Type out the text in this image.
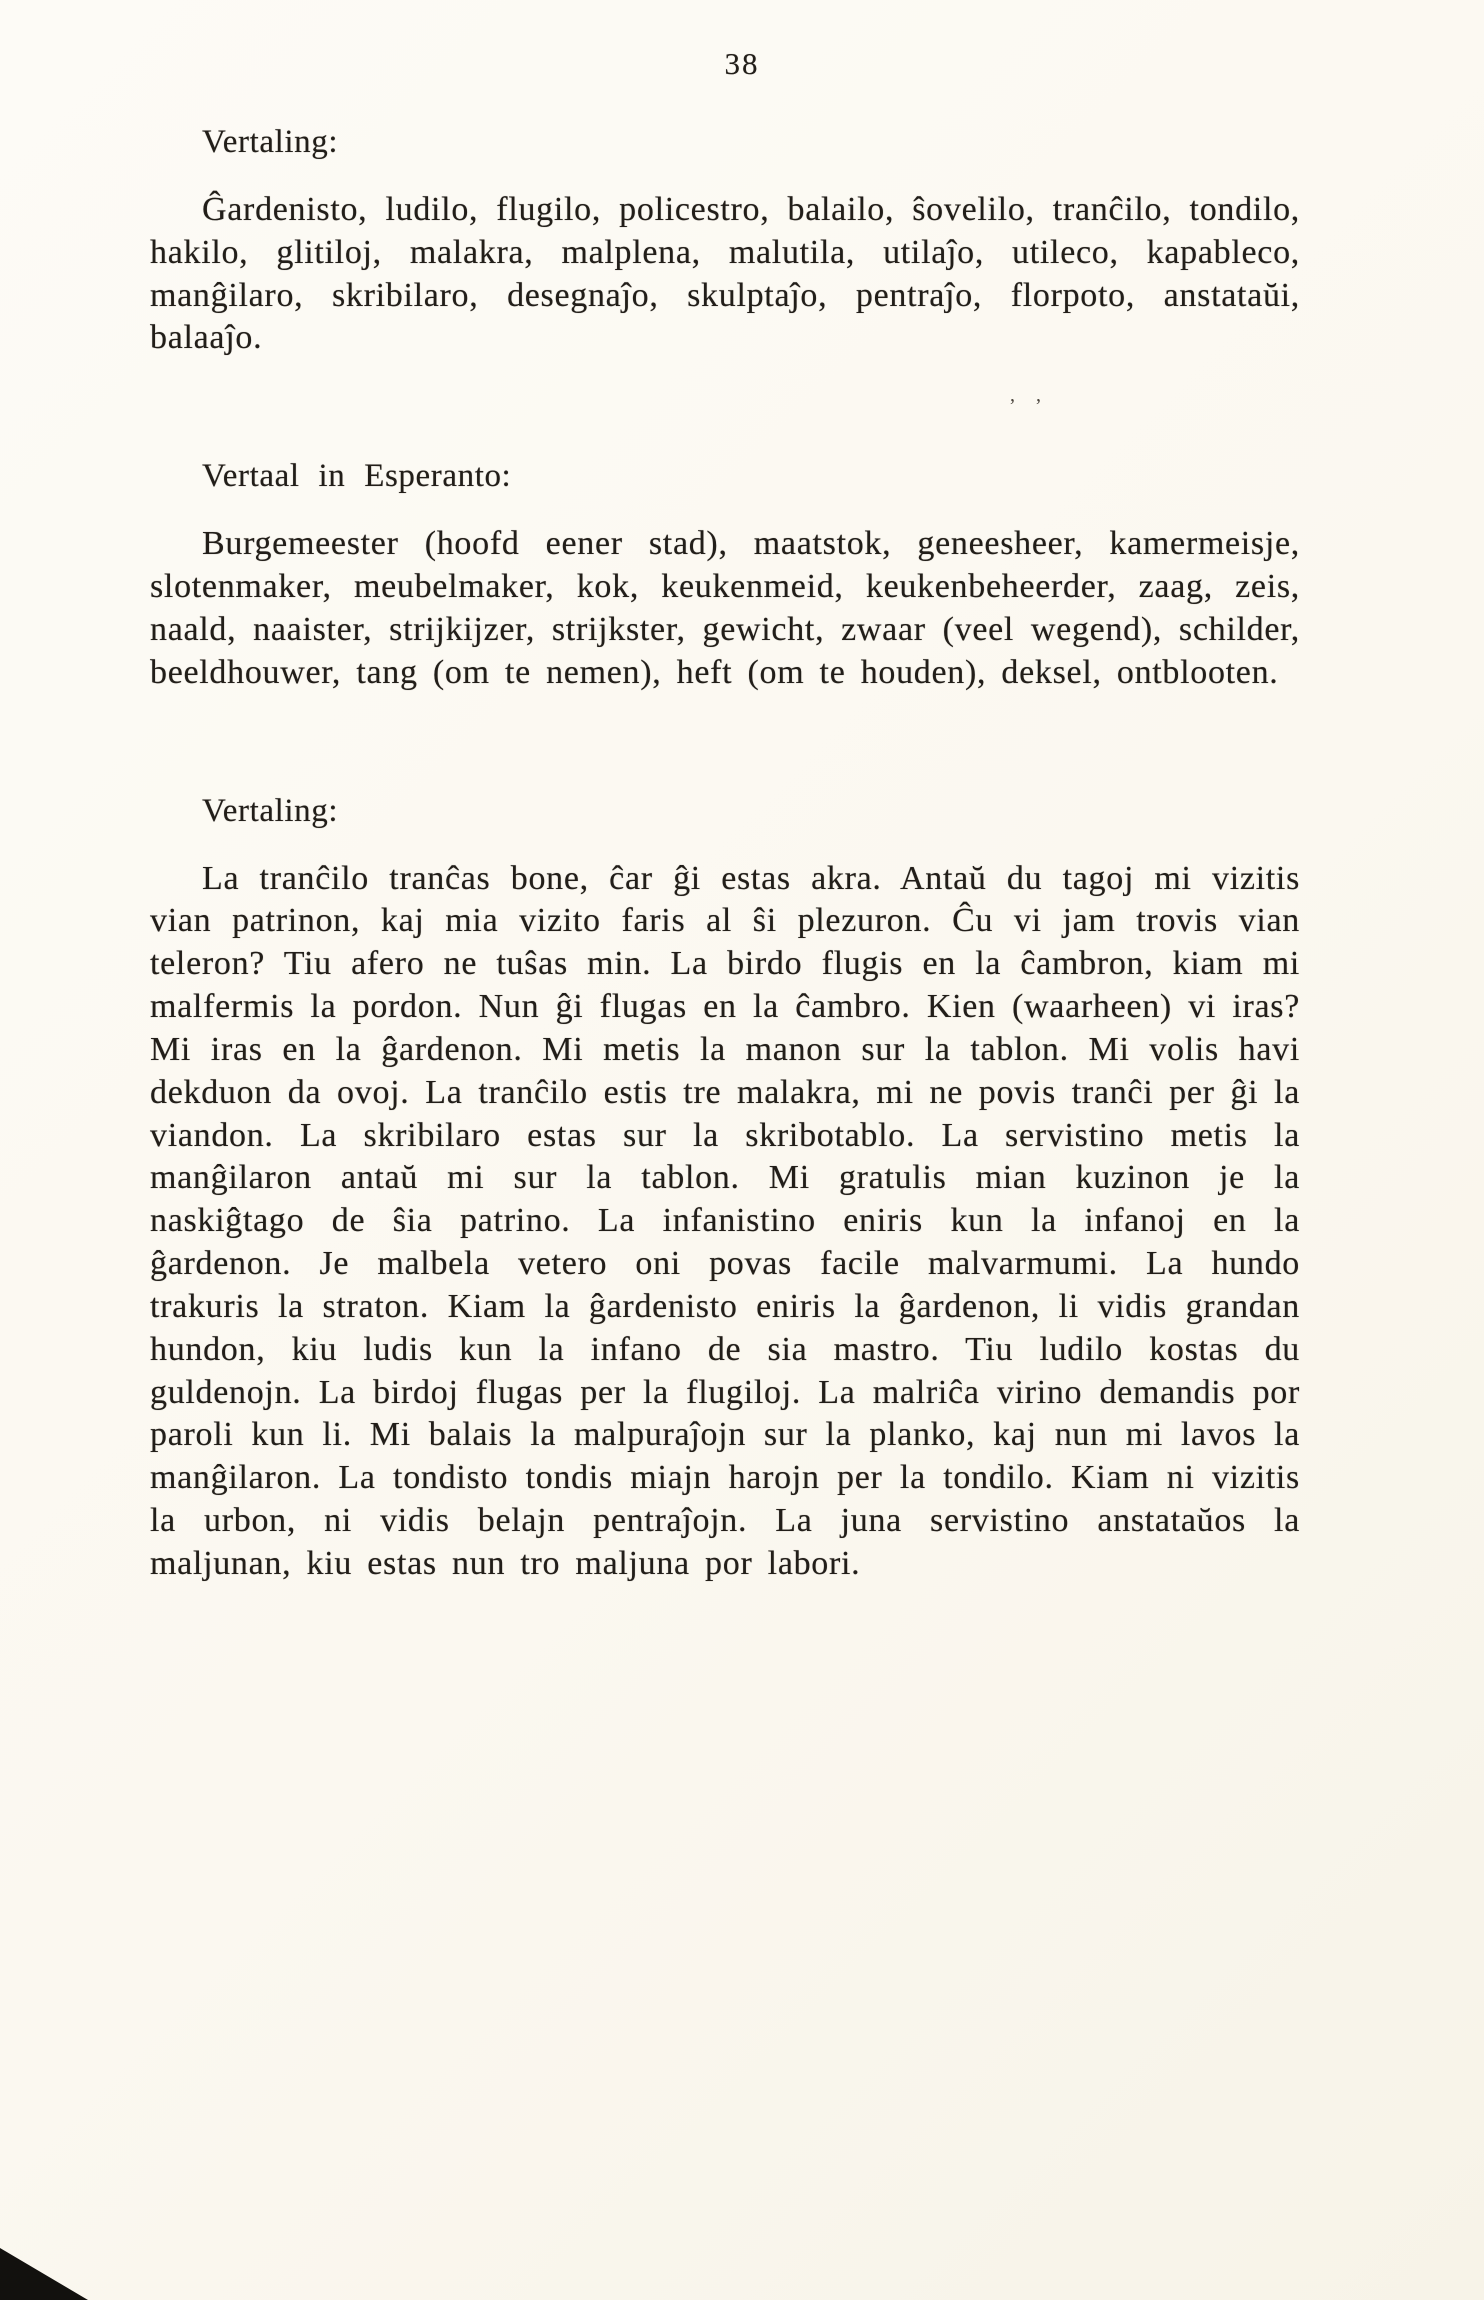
38
Vertaling:

Ĝardenisto, ludilo, flugilo, policestro, balailo, ŝovelilo, tranĉilo, tondilo, hakilo, glitiloj, malakra, malplena, malutila, utilaĵo, utileco, kapableco, manĝilaro, skribilaro, desegnaĵo, skulptaĵo, pentraĵo, florpoto, anstataŭi, balaaĵo.

, ,
Vertaal in Esperanto:

Burgemeester (hoofd eener stad), maatstok, geneesheer, kamermeisje, slotenmaker, meubelmaker, kok, keukenmeid, keukenbeheerder, zaag, zeis, naald, naaister, strijkijzer, strijkster, gewicht, zwaar (veel wegend), schilder, beeldhouwer, tang (om te nemen), heft (om te houden), deksel, ontblooten.

Vertaling:

La tranĉilo tranĉas bone, ĉar ĝi estas akra. Antaŭ du tagoj mi vizitis vian patrinon, kaj mia vizito faris al ŝi plezuron. Ĉu vi jam trovis vian teleron? Tiu afero ne tuŝas min. La birdo flugis en la ĉambron, kiam mi malfermis la pordon. Nun ĝi flugas en la ĉambro. Kien (waarheen) vi iras? Mi iras en la ĝardenon. Mi metis la manon sur la tablon. Mi volis havi dekduon da ovoj. La tranĉilo estis tre malakra, mi ne povis tranĉi per ĝi la viandon. La skribilaro estas sur la skribotablo. La servistino metis la manĝilaron antaŭ mi sur la tablon. Mi gratulis mian kuzinon je la naskiĝtago de ŝia patrino. La infanistino eniris kun la infanoj en la ĝardenon. Je malbela vetero oni povas facile malvarmumi. La hundo trakuris la straton. Kiam la ĝardenisto eniris la ĝardenon, li vidis grandan hundon, kiu ludis kun la infano de sia mastro. Tiu ludilo kostas du guldenojn. La birdoj flugas per la flugiloj. La malriĉa virino demandis por paroli kun li. Mi balais la malpuraĵojn sur la planko, kaj nun mi lavos la manĝilaron. La tondisto tondis miajn harojn per la tondilo. Kiam ni vizitis la urbon, ni vidis belajn pentraĵojn. La juna servistino anstataŭos la maljunan, kiu estas nun tro maljuna por labori.
